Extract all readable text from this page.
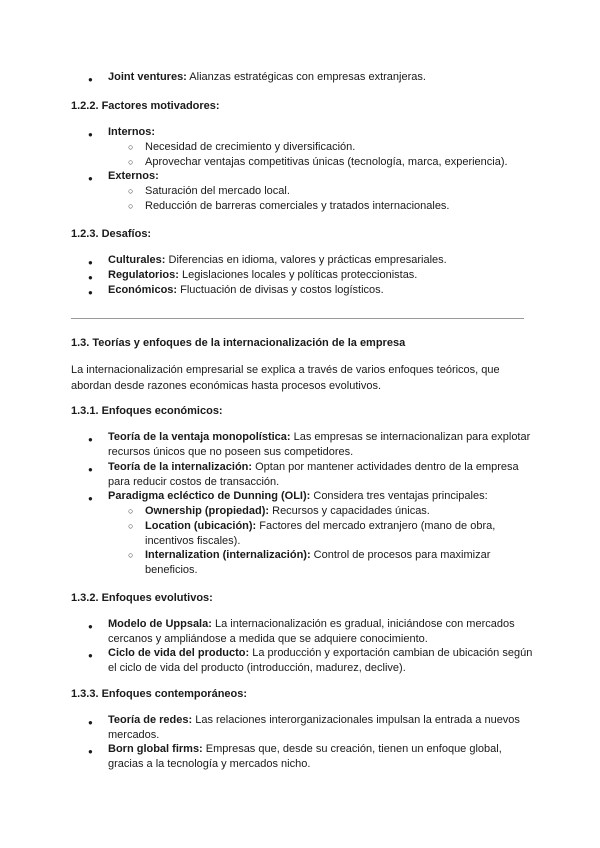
● Joint ventures: Alianzas estratégicas con empresas extranjeras.
1.2.2. Factores motivadores:
● Internos:
○ Necesidad de crecimiento y diversificación.
○ Aprovechar ventajas competitivas únicas (tecnología, marca, experiencia).
● Externos:
○ Saturación del mercado local.
○ Reducción de barreras comerciales y tratados internacionales.
1.2.3. Desafíos:
● Culturales: Diferencias en idioma, valores y prácticas empresariales.
● Regulatorios: Legislaciones locales y políticas proteccionistas.
● Económicos: Fluctuación de divisas y costos logísticos.
1.3. Teorías y enfoques de la internacionalización de la empresa
La internacionalización empresarial se explica a través de varios enfoques teóricos, que abordan desde razones económicas hasta procesos evolutivos.
1.3.1. Enfoques económicos:
● Teoría de la ventaja monopolística: Las empresas se internacionalizan para explotar recursos únicos que no poseen sus competidores.
● Teoría de la internalización: Optan por mantener actividades dentro de la empresa para reducir costos de transacción.
● Paradigma ecléctico de Dunning (OLI): Considera tres ventajas principales:
○ Ownership (propiedad): Recursos y capacidades únicas.
○ Location (ubicación): Factores del mercado extranjero (mano de obra, incentivos fiscales).
○ Internalization (internalización): Control de procesos para maximizar beneficios.
1.3.2. Enfoques evolutivos:
● Modelo de Uppsala: La internacionalización es gradual, iniciándose con mercados cercanos y ampliándose a medida que se adquiere conocimiento.
● Ciclo de vida del producto: La producción y exportación cambian de ubicación según el ciclo de vida del producto (introducción, madurez, declive).
1.3.3. Enfoques contemporáneos:
● Teoría de redes: Las relaciones interorganizacionales impulsan la entrada a nuevos mercados.
● Born global firms: Empresas que, desde su creación, tienen un enfoque global, gracias a la tecnología y mercados nicho.
